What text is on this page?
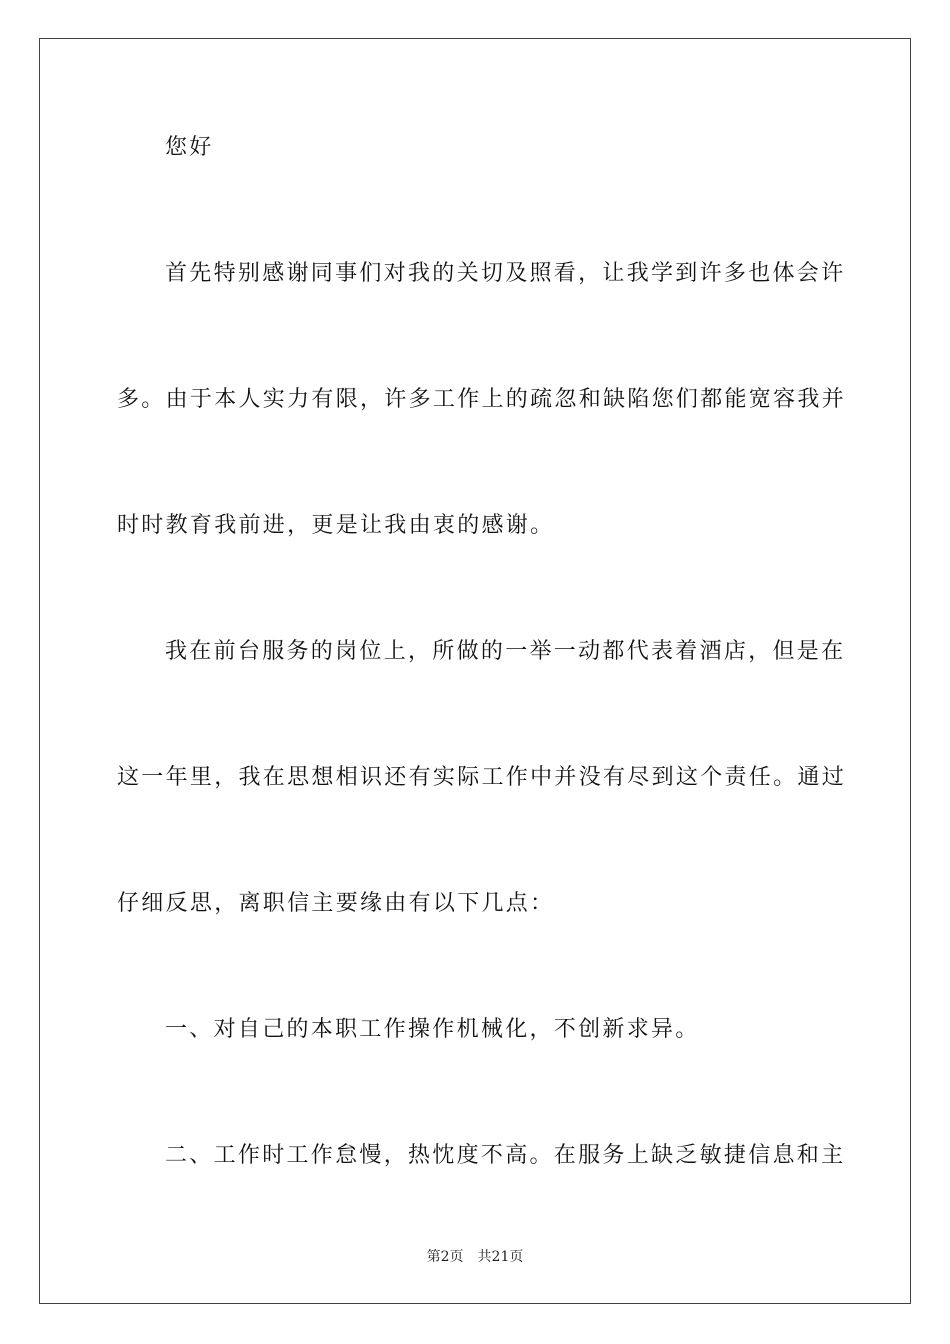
您好
首先特别感谢同事们对我的关切及照看，让我学到许多也体会许
多。由于本人实力有限，许多工作上的疏忽和缺陷您们都能宽容我并
时时教育我前进，更是让我由衷的感谢。
我在前台服务的岗位上，所做的一举一动都代表着酒店，但是在
这一年里，我在思想相识还有实际工作中并没有尽到这个责任。通过
仔细反思，离职信主要缘由有以下几点：
一、对自己的本职工作操作机械化，不创新求异。
二、工作时工作怠慢，热忱度不高。在服务上缺乏敏捷信息和主
第2页 共21页
